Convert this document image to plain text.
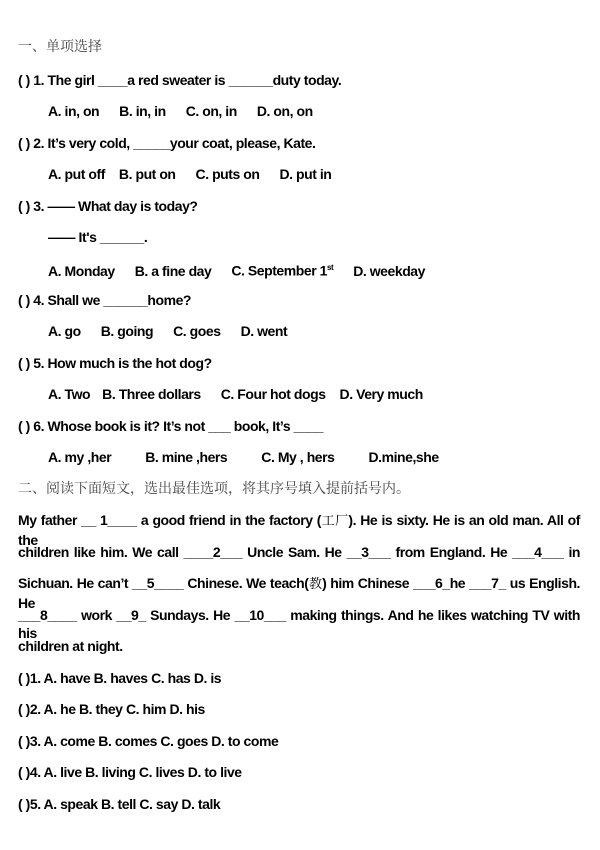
一、单项选择
( ) 1. The girl ____a red sweater is ______duty today.
A. in, on B. in, in C. on, in D. on, on
( ) 2. It’s very cold, _____your coat, please, Kate.
A. put off B. put on C. puts on D. put in
( ) 3. —— What day is today?
—— It's ______.
A. Monday B. a fine day C. September 1st D. weekday
( ) 4. Shall we ______home?
A. go B. going C. goes D. went
( ) 5. How much is the hot dog?
A. Two B. Three dollars C. Four hot dogs D. Very much
( ) 6. Whose book is it? It’s not ___ book, It’s ____
A. my ,her B. mine ,hers C. My , hers D.mine,she
二、阅读下面短文，选出最佳选项，将其序号填入提前括号内。
My father __ 1____ a good friend in the factory (工厂). He is sixty. He is an old man. All of the
children like him. We call ____2___ Uncle Sam. He __3___ from England. He ___4___ in
Sichuan. He can’t __5____ Chinese. We teach(教) him Chinese ___6_he ___7_ us English. He
___8____ work __9_ Sundays. He __10___ making things. And he likes watching TV with his
children at night.
( )1. A. have B. haves C. has D. is
( )2. A. he B. they C. him D. his
( )3. A. come B. comes C. goes D. to come
( )4. A. live B. living C. lives D. to live
( )5. A. speak B. tell C. say D. talk
